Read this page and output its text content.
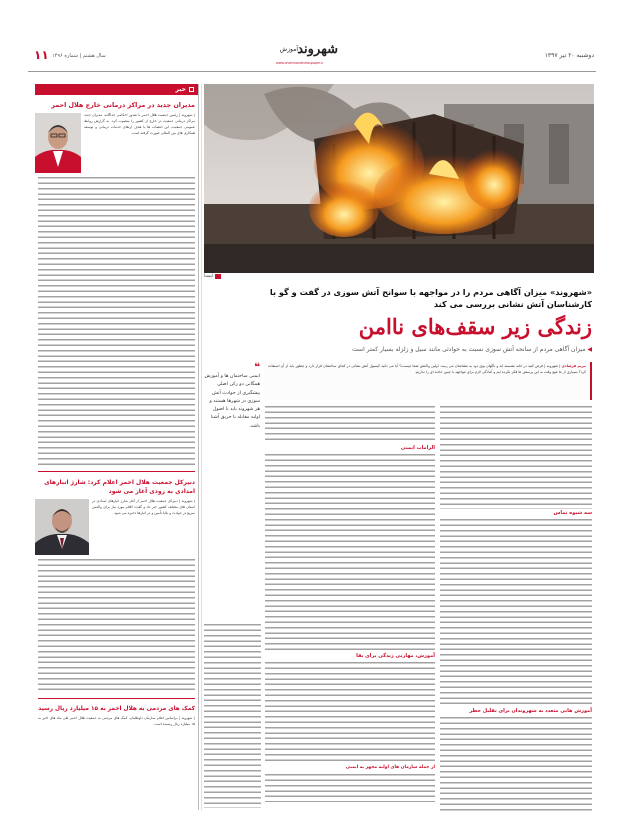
دوشنبه ۲۰ تیر ۱۳۹۷
آموزش شهروند
www.shahrvandnewspaper.ir
سال هشتم | شماره ۱۴۹۶
۱۱
ایسنا
«شهروند» میزان آگاهی مردم را در مواجهه با سوانح آتش سوزی در گفت و گو با
کارشناسان آتش نشانی بررسی می کند
زندگی زیر سقف‌های ناامن
◀ میزان آگاهی مردم از سانحه آتش سوزی نسبت به حوادثی مانند سیل و زلزله بسیار کمتر است
مریم فرشادی | شهروند | فرض کنید در خانه نشسته اید و ناگهان بوی دود به مشامتان می رسد. اولین واکنش شما چیست؟ آیا می دانید کپسول آتش نشانی در کجای ساختمان قرار دارد و چطور باید از آن استفاده کرد؟ بسیاری از ما هیچ وقت به این پرسش ها فکر نکرده ایم و آمادگی لازم برای مواجهه با چنین حادثه ای را نداریم.
❝
ایمنی ساختمان ها و آموزش همگانی دو رکن اصلی پیشگیری از حوادث آتش سوزی در شهرها هستند و هر شهروند باید با اصول اولیه مقابله با حریق آشنا باشد.
سه شیوه تماس
آموزش هایی متعدد به شهروندان برای تقلیل خطر
الزامات ایمنی
آموزش، مهارتی زندگی برای بقا
از جمله سازمان های اولیه مجهز به ایمنی
خبر
مدیران جدید در مراکز درمانی خارج هلال احمر
| شهروند | رئیس جمعیت هلال احمر با صدور احکامی جداگانه، مدیران جدید مراکز درمانی جمعیت در خارج از کشور را منصوب کرد. به گزارش روابط عمومی جمعیت، این انتصاب ها با هدف ارتقای خدمات درمانی و توسعه همکاری های بین المللی صورت گرفته است.
دبیرکل جمعیت هلال احمر اعلام کرد: شارژ انبارهای امدادی به زودی آغاز می شود
| شهروند | دبیرکل جمعیت هلال احمر از آغاز شارژ انبارهای امدادی در استان های مختلف کشور خبر داد و گفت: اقلام مورد نیاز برای واکنش سریع در حوادث و بلایا تأمین و در انبارها ذخیره می شود.
کمک های مردمی به هلال احمر به ۱۵ میلیارد ریال رسید
| شهروند | براساس اعلام سازمان داوطلبان، کمک های مردمی به جمعیت هلال احمر طی ماه های اخیر به ۱۵ میلیارد ریال رسیده است.
